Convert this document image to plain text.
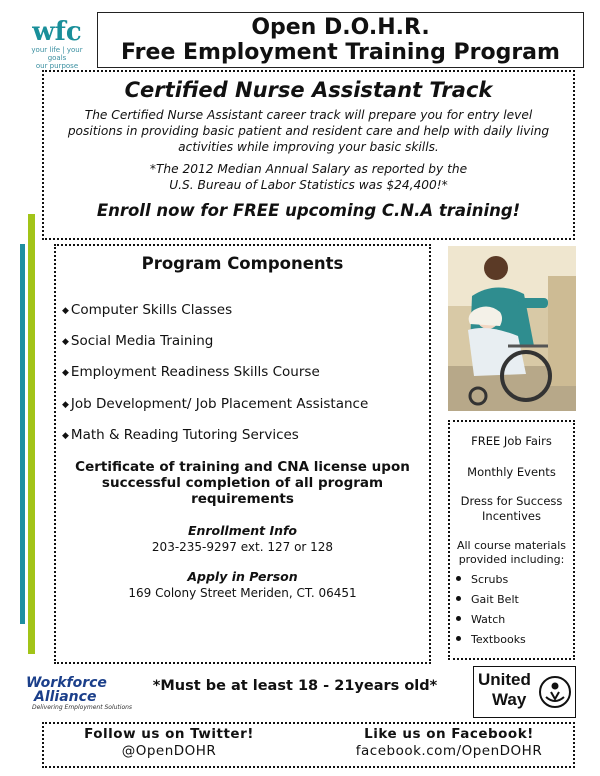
wfc
your life | your goals
our purpose
Open D.O.H.R.
Free Employment Training Program
Certified Nurse Assistant Track
The Certified Nurse Assistant career track will prepare you for entry level positions in providing basic patient and resident care and help with daily living activities while improving your basic skills.
*The 2012 Median Annual Salary as reported by the
U.S. Bureau of Labor Statistics was $24,400!*
Enroll now for FREE upcoming C.N.A training!
Program Components
◆ Computer Skills Classes
◆ Social Media Training
◆ Employment Readiness Skills Course
◆ Job Development/ Job Placement Assistance
◆ Math & Reading Tutoring Services
Certificate of training and CNA license upon
successful completion of all program
requirements
Enrollment Info
203-235-9297 ext. 127 or 128
Apply in Person
169 Colony Street Meriden, CT. 06451
FREE Job Fairs
Monthly Events
Dress for Success
Incentives
All course materials
provided including:
Scrubs
Gait Belt
Watch
Textbooks
Workforce
Alliance
Delivering Employment Solutions
*Must be at least 18 - 21years old* United
Way
Follow us on Twitter!
@OpenDOHR
Like us on Facebook!
facebook.com/OpenDOHR
